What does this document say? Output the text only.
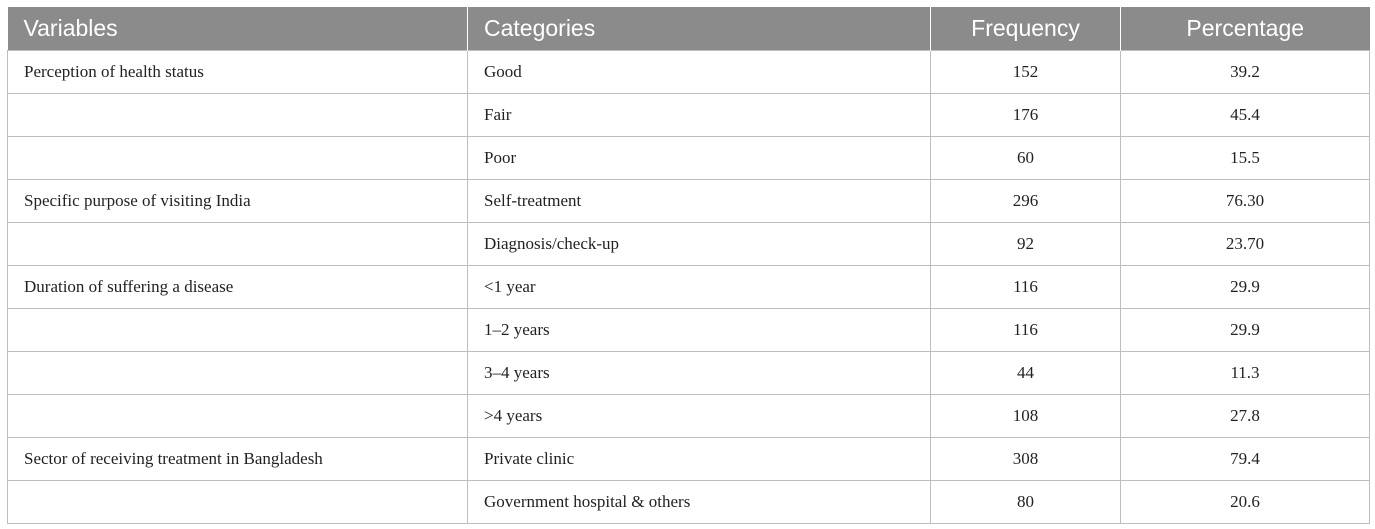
Variables	Categories	Frequency	Percentage
Perception of health status	Good	152	39.2
	Fair	176	45.4
	Poor	60	15.5
Specific purpose of visiting India	Self-treatment	296	76.30
	Diagnosis/check-up	92	23.70
Duration of suffering a disease	<1 year	116	29.9
	1–2 years	116	29.9
	3–4 years	44	11.3
	>4 years	108	27.8
Sector of receiving treatment in Bangladesh	Private clinic	308	79.4
	Government hospital & others	80	20.6
